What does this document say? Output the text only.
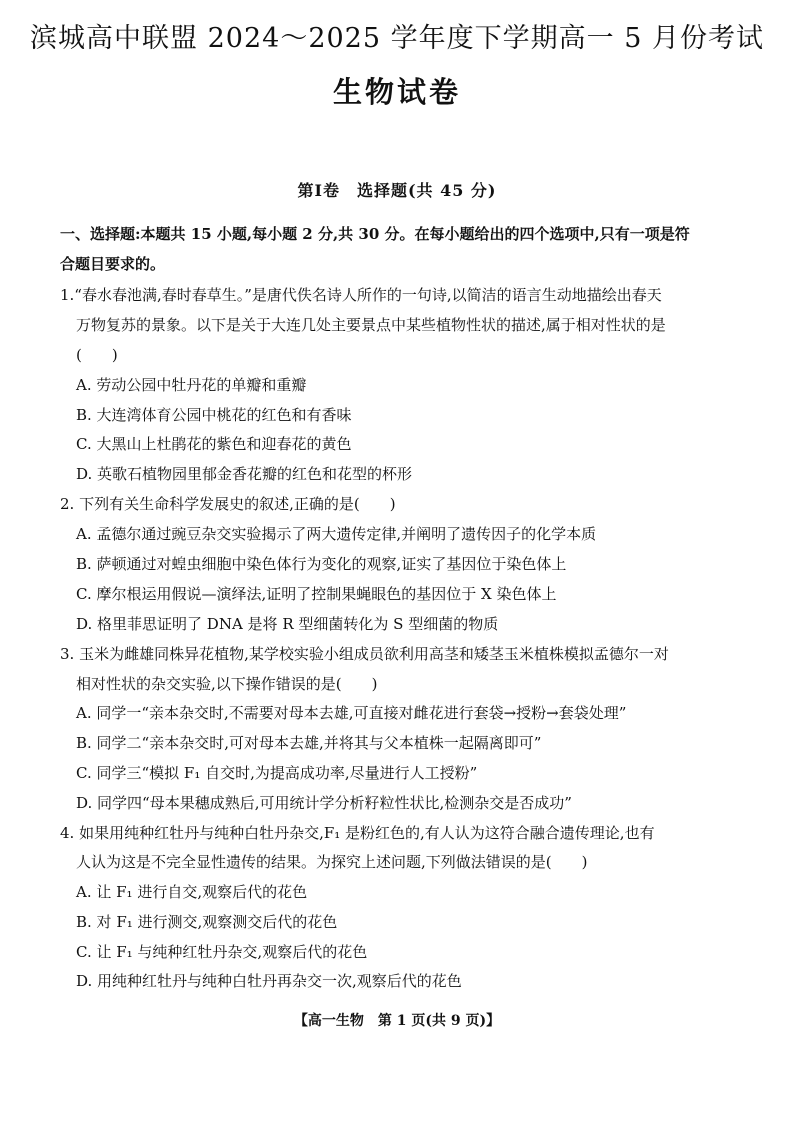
滨城高中联盟 2024～2025 学年度下学期高一 5 月份考试
生物试卷
第Ⅰ卷　选择题(共 45 分)
一、选择题:本题共 15 小题,每小题 2 分,共 30 分。在每小题给出的四个选项中,只有一项是符
合题目要求的。
1.“春水春池满,春时春草生。”是唐代佚名诗人所作的一句诗,以简洁的语言生动地描绘出春天
万物复苏的景象。以下是关于大连几处主要景点中某些植物性状的描述,属于相对性状的是
(　　)
A. 劳动公园中牡丹花的单瓣和重瓣
B. 大连湾体育公园中桃花的红色和有香味
C. 大黑山上杜鹃花的紫色和迎春花的黄色
D. 英歌石植物园里郁金香花瓣的红色和花型的杯形
2. 下列有关生命科学发展史的叙述,正确的是(　　)
A. 孟德尔通过豌豆杂交实验揭示了两大遗传定律,并阐明了遗传因子的化学本质
B. 萨顿通过对蝗虫细胞中染色体行为变化的观察,证实了基因位于染色体上
C. 摩尔根运用假说—演绎法,证明了控制果蝇眼色的基因位于 X 染色体上
D. 格里菲思证明了 DNA 是将 R 型细菌转化为 S 型细菌的物质
3. 玉米为雌雄同株异花植物,某学校实验小组成员欲利用高茎和矮茎玉米植株模拟孟德尔一对
相对性状的杂交实验,以下操作错误的是(　　)
A. 同学一“亲本杂交时,不需要对母本去雄,可直接对雌花进行套袋→授粉→套袋处理”
B. 同学二“亲本杂交时,可对母本去雄,并将其与父本植株一起隔离即可”
C. 同学三“模拟 F₁ 自交时,为提高成功率,尽量进行人工授粉”
D. 同学四“母本果穗成熟后,可用统计学分析籽粒性状比,检测杂交是否成功”
4. 如果用纯种红牡丹与纯种白牡丹杂交,F₁ 是粉红色的,有人认为这符合融合遗传理论,也有
人认为这是不完全显性遗传的结果。为探究上述问题,下列做法错误的是(　　)
A. 让 F₁ 进行自交,观察后代的花色
B. 对 F₁ 进行测交,观察测交后代的花色
C. 让 F₁ 与纯种红牡丹杂交,观察后代的花色
D. 用纯种红牡丹与纯种白牡丹再杂交一次,观察后代的花色
【高一生物　第 1 页(共 9 页)】
